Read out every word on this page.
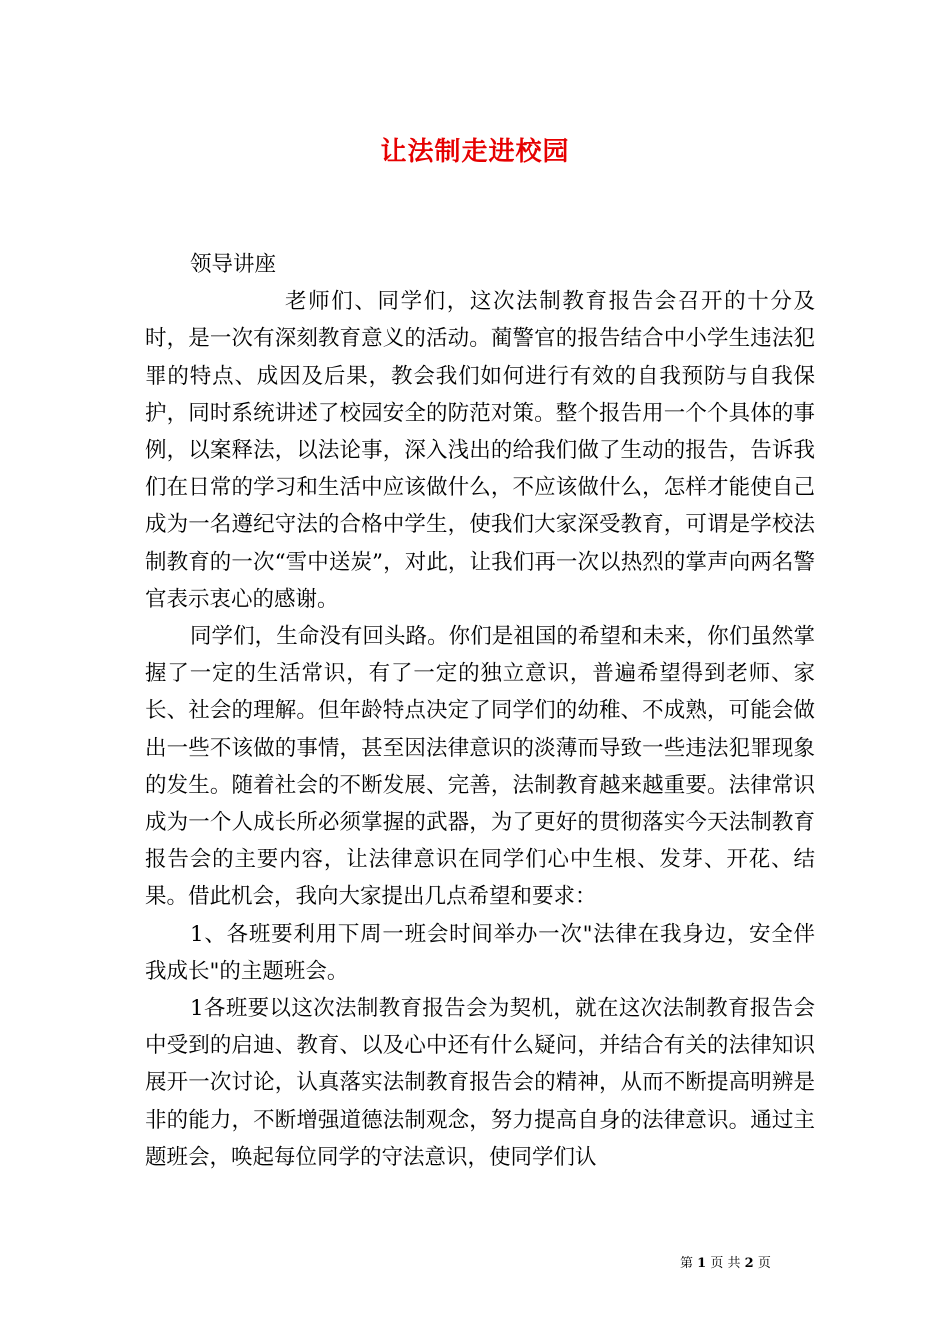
让法制走进校园

领导讲座

老师们、同学们，这次法制教育报告会召开的十分及时，是一次有深刻教育意义的活动。蔺警官的报告结合中小学生违法犯罪的特点、成因及后果，教会我们如何进行有效的自我预防与自我保护，同时系统讲述了校园安全的防范对策。整个报告用一个个具体的事例，以案释法，以法论事，深入浅出的给我们做了生动的报告，告诉我们在日常的学习和生活中应该做什么，不应该做什么，怎样才能使自己成为一名遵纪守法的合格中学生，使我们大家深受教育，可谓是学校法制教育的一次“雪中送炭”，对此，让我们再一次以热烈的掌声向两名警官表示衷心的感谢。

同学们，生命没有回头路。你们是祖国的希望和未来，你们虽然掌握了一定的生活常识，有了一定的独立意识，普遍希望得到老师、家长、社会的理解。但年龄特点决定了同学们的幼稚、不成熟，可能会做出一些不该做的事情，甚至因法律意识的淡薄而导致一些违法犯罪现象的发生。随着社会的不断发展、完善，法制教育越来越重要。法律常识成为一个人成长所必须掌握的武器，为了更好的贯彻落实今天法制教育报告会的主要内容，让法律意识在同学们心中生根、发芽、开花、结果。借此机会，我向大家提出几点希望和要求：

1、各班要利用下周一班会时间举办一次"法律在我身边，安全伴我成长"的主题班会。

1各班要以这次法制教育报告会为契机，就在这次法制教育报告会中受到的启迪、教育、以及心中还有什么疑问，并结合有关的法律知识展开一次讨论，认真落实法制教育报告会的精神，从而不断提高明辨是非的能力，不断增强道德法制观念，努力提高自身的法律意识。通过主题班会，唤起每位同学的守法意识，使同学们认

第 1 页 共 2 页
